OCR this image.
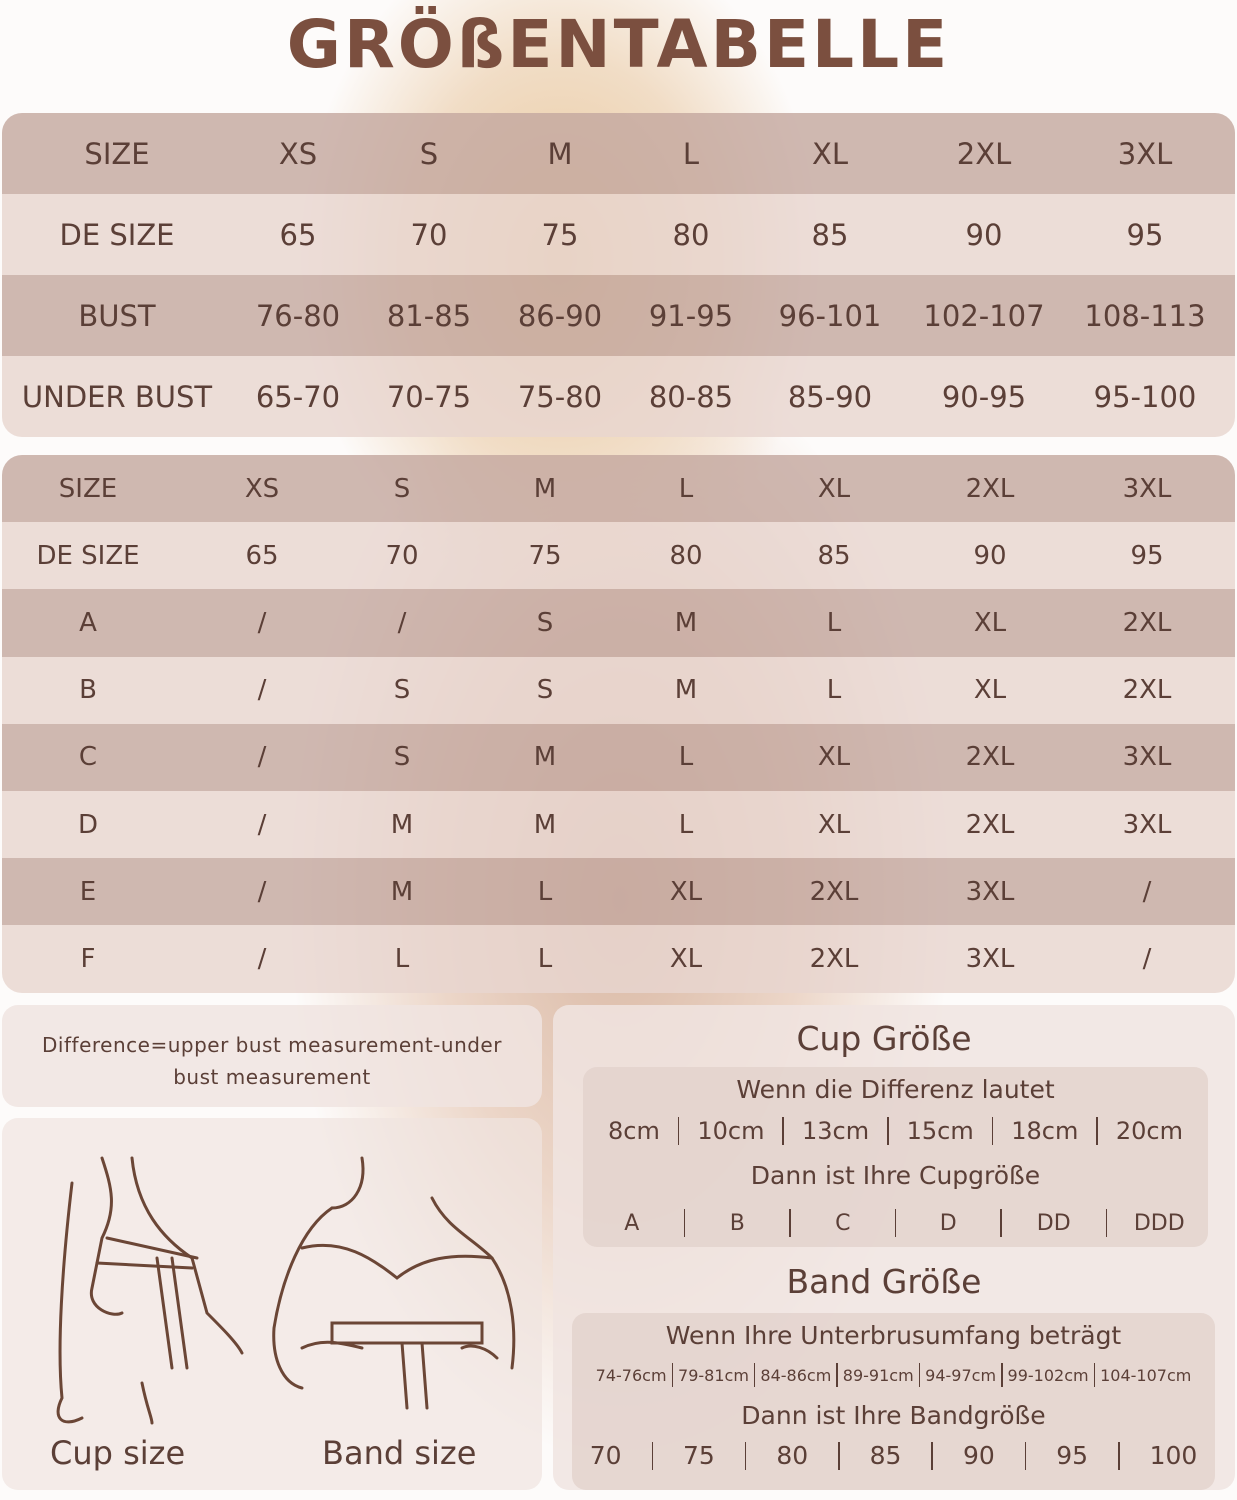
GRÖßENTABELLE
SIZE	XS	S	M	L	XL	2XL	3XL
DE SIZE	65	70	75	80	85	90	95
BUST	76-80 81-85 86-90 91-95 96-101 102-107 108-113
UNDER BUST 65-70 70-75 75-80 80-85 85-90 90-95 95-100
SIZE	XS	S	M	L	XL	2XL	3XL
DE SIZE	65	70	75	80	85	90	95
A	/	/	S	M	L	XL	2XL
B	/	S	S	M	L	XL	2XL
C	/	S	M	L	XL	2XL	3XL
D	/	M	M	L	XL	2XL	3XL
E	/	M	L	XL	2XL	3XL	/
F	/	L	L	XL	2XL	3XL	/
Difference=upper bust measurement-under bust measurement
Cup size	Band size
Cup Größe
Wenn die Differenz lautet
8cm 10cm 13cm 15cm 18cm 20cm
Dann ist Ihre Cupgröße
A	B	C	D	DD	DDD
Band Größe
Wenn Ihre Unterbrusumfang beträgt
74-76cm 79-81cm 84-86cm 89-91cm 94-97cm 99-102cm 104-107cm
Dann ist Ihre Bandgröße
70 75 80 85 90 95 100
